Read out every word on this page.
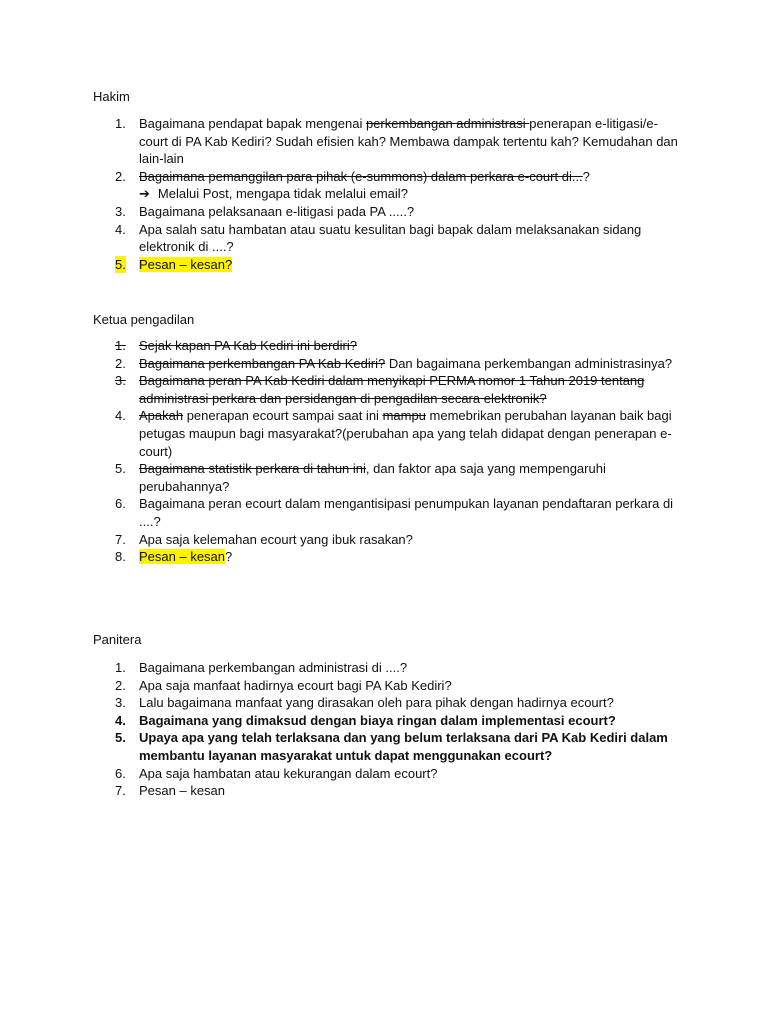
Hakim
1. Bagaimana pendapat bapak mengenai perkembangan administrasi penerapan e-litigasi/e-court di PA Kab Kediri? Sudah efisien kah? Membawa dampak tertentu kah? Kemudahan dan lain-lain
2. Bagaimana pemanggilan para pihak (e-summons) dalam perkara e-court di...?
➔ Melalui Post, mengapa tidak melalui email?
3. Bagaimana pelaksanaan e-litigasi pada PA .....?
4. Apa salah satu hambatan atau suatu kesulitan bagi bapak dalam melaksanakan sidang elektronik di ....?
5. Pesan – kesan?
Ketua pengadilan
1. Sejak kapan PA Kab Kediri ini berdiri?
2. Bagaimana perkembangan PA Kab Kediri? Dan bagaimana perkembangan administrasinya?
3. Bagaimana peran PA Kab Kediri dalam menyikapi PERMA nomor 1 Tahun 2019 tentang administrasi perkara dan persidangan di pengadilan secara elektronik?
4. Apakah penerapan ecourt sampai saat ini mampu memebrikan perubahan layanan baik bagi petugas maupun bagi masyarakat?(perubahan apa yang telah didapat dengan penerapan e-court)
5. Bagaimana statistik perkara di tahun ini, dan faktor apa saja yang mempengaruhi perubahannya?
6. Bagaimana peran ecourt dalam mengantisipasi penumpukan layanan pendaftaran perkara di ....?
7. Apa saja kelemahan ecourt yang ibuk rasakan?
8. Pesan – kesan?
Panitera
1. Bagaimana perkembangan administrasi di ....?
2. Apa saja manfaat hadirnya ecourt bagi PA Kab Kediri?
3. Lalu bagaimana manfaat yang dirasakan oleh para pihak dengan hadirnya ecourt?
4. Bagaimana yang dimaksud dengan biaya ringan dalam implementasi ecourt?
5. Upaya apa yang telah terlaksana dan yang belum terlaksana dari PA Kab Kediri dalam membantu layanan masyarakat untuk dapat menggunakan ecourt?
6. Apa saja hambatan atau kekurangan dalam ecourt?
7. Pesan – kesan
